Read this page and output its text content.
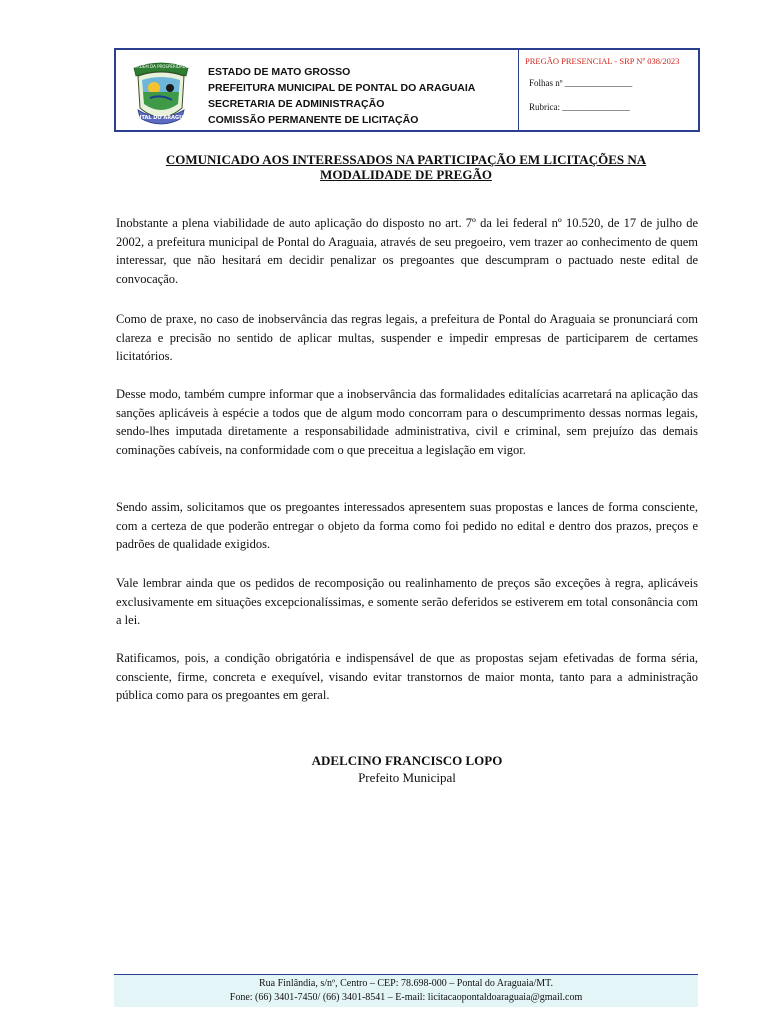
PONTAL DO ARAGUAIA
ORDEM DA PROSPERIDADE ESTADO DE MATO GROSSO
PREFEITURA MUNICIPAL DE PONTAL DO ARAGUAIA
SECRETARIA DE ADMINISTRAÇÃO
COMISSÃO PERMANENTE DE LICITAÇÃO
PREGÃO PRESENCIAL - SRP Nº 038/2023
Folhas nº _______________
Rubrica: _______________
COMUNICADO AOS INTERESSADOS NA PARTICIPAÇÃO EM LICITAÇÕES NA
MODALIDADE DE PREGÃO

Inobstante a plena viabilidade de auto aplicação do disposto no art. 7º da lei federal nº 10.520, de 17 de julho de 2002, a prefeitura municipal de Pontal do Araguaia, através de seu pregoeiro, vem trazer ao conhecimento de quem interessar, que não hesitará em decidir penalizar os pregoantes que descumpram o pactuado neste edital de convocação.

Como de praxe, no caso de inobservância das regras legais, a prefeitura de Pontal do Araguaia se pronunciará com clareza e precisão no sentido de aplicar multas, suspender e impedir empresas de participarem de certames licitatórios.

Desse modo, também cumpre informar que a inobservância das formalidades editalícias acarretará na aplicação das sanções aplicáveis à espécie a todos que de algum modo concorram para o descumprimento dessas normas legais, sendo-lhes imputada diretamente a responsabilidade administrativa, civil e criminal, sem prejuízo das demais cominações cabíveis, na conformidade com o que preceitua a legislação em vigor.

Sendo assim, solicitamos que os pregoantes interessados apresentem suas propostas e lances de forma consciente, com a certeza de que poderão entregar o objeto da forma como foi pedido no edital e dentro dos prazos, preços e padrões de qualidade exigidos.

Vale lembrar ainda que os pedidos de recomposição ou realinhamento de preços são exceções à regra, aplicáveis exclusivamente em situações excepcionalíssimas, e somente serão deferidos se estiverem em total consonância com a lei.

Ratificamos, pois, a condição obrigatória e indispensável de que as propostas sejam efetivadas de forma séria, consciente, firme, concreta e exequível, visando evitar transtornos de maior monta, tanto para a administração pública como para os pregoantes em geral.

ADELCINO FRANCISCO LOPO
Prefeito Municipal
Rua Finlândia, s/nº, Centro – CEP: 78.698-000 – Pontal do Araguaia/MT.
Fone: (66) 3401-7450/ (66) 3401-8541 – E-mail: licitacaopontaldoaraguaia@gmail.com
